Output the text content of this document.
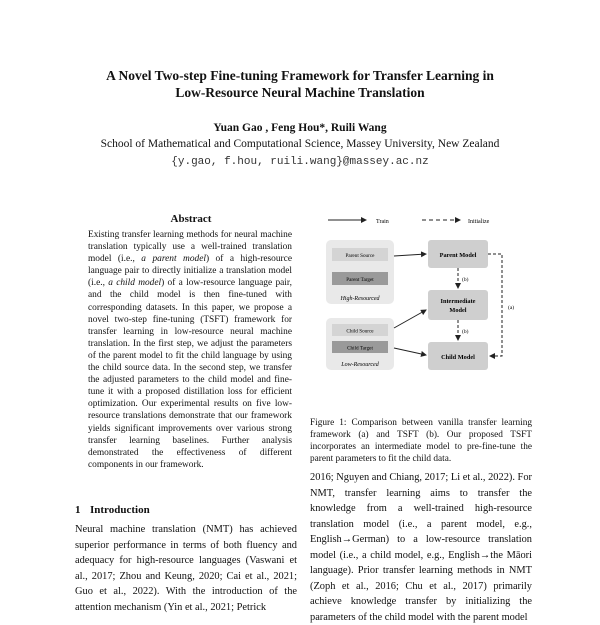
A Novel Two-step Fine-tuning Framework for Transfer Learning in
Low-Resource Neural Machine Translation
Yuan Gao , Feng Hou*, Ruili Wang
School of Mathematical and Computational Science, Massey University, New Zealand
{y.gao, f.hou, ruili.wang}@massey.ac.nz
Abstract
Existing transfer learning methods for neural machine translation typically use a well-trained translation model (i.e., a parent model) of a high-resource language pair to directly initialize a translation model (i.e., a child model) of a low-resource language pair, and the child model is then fine-tuned with corresponding datasets. In this paper, we propose a novel two-step fine-tuning (TSFT) framework for transfer learning in low-resource neural machine translation. In the first step, we adjust the parameters of the parent model to fit the child language by using the child source data. In the second step, we transfer the adjusted parameters to the child model and fine-tune it with a proposed distillation loss for efficient optimization. Our experimental results on five low-resource translations demonstrate that our framework yields significant improvements over various strong transfer learning baselines. Further analysis demonstrated the effectiveness of different components in our framework.
1 Introduction
Neural machine translation (NMT) has achieved superior performance in terms of both fluency and adequacy for high-resource languages (Vaswani et al., 2017; Zhou and Keung, 2020; Cai et al., 2021; Guo et al., 2022). With the introduction of the attention mechanism (Yin et al., 2021; Petrick
Train	Initialize
Parent Source
Parent Target
High-Resourced
Child Source
Child Target
Low-Resourced
Parent Model
Intermediate
Model
Child Model
(b)
(b)
(a)
Figure 1: Comparison between vanilla transfer learning framework (a) and TSFT (b). Our proposed TSFT incorporates an intermediate model to pre-fine-tune the parent parameters to fit the child data.
2016; Nguyen and Chiang, 2017; Li et al., 2022). For NMT, transfer learning aims to transfer the knowledge from a well-trained high-resource translation model (i.e., a parent model, e.g., English→German) to a low-resource translation model (i.e., a child model, e.g., English→the Māori language). Prior transfer learning methods in NMT (Zoph et al., 2016; Chu et al., 2017) primarily achieve knowledge transfer by initializing the parameters of the child model with the parent model
